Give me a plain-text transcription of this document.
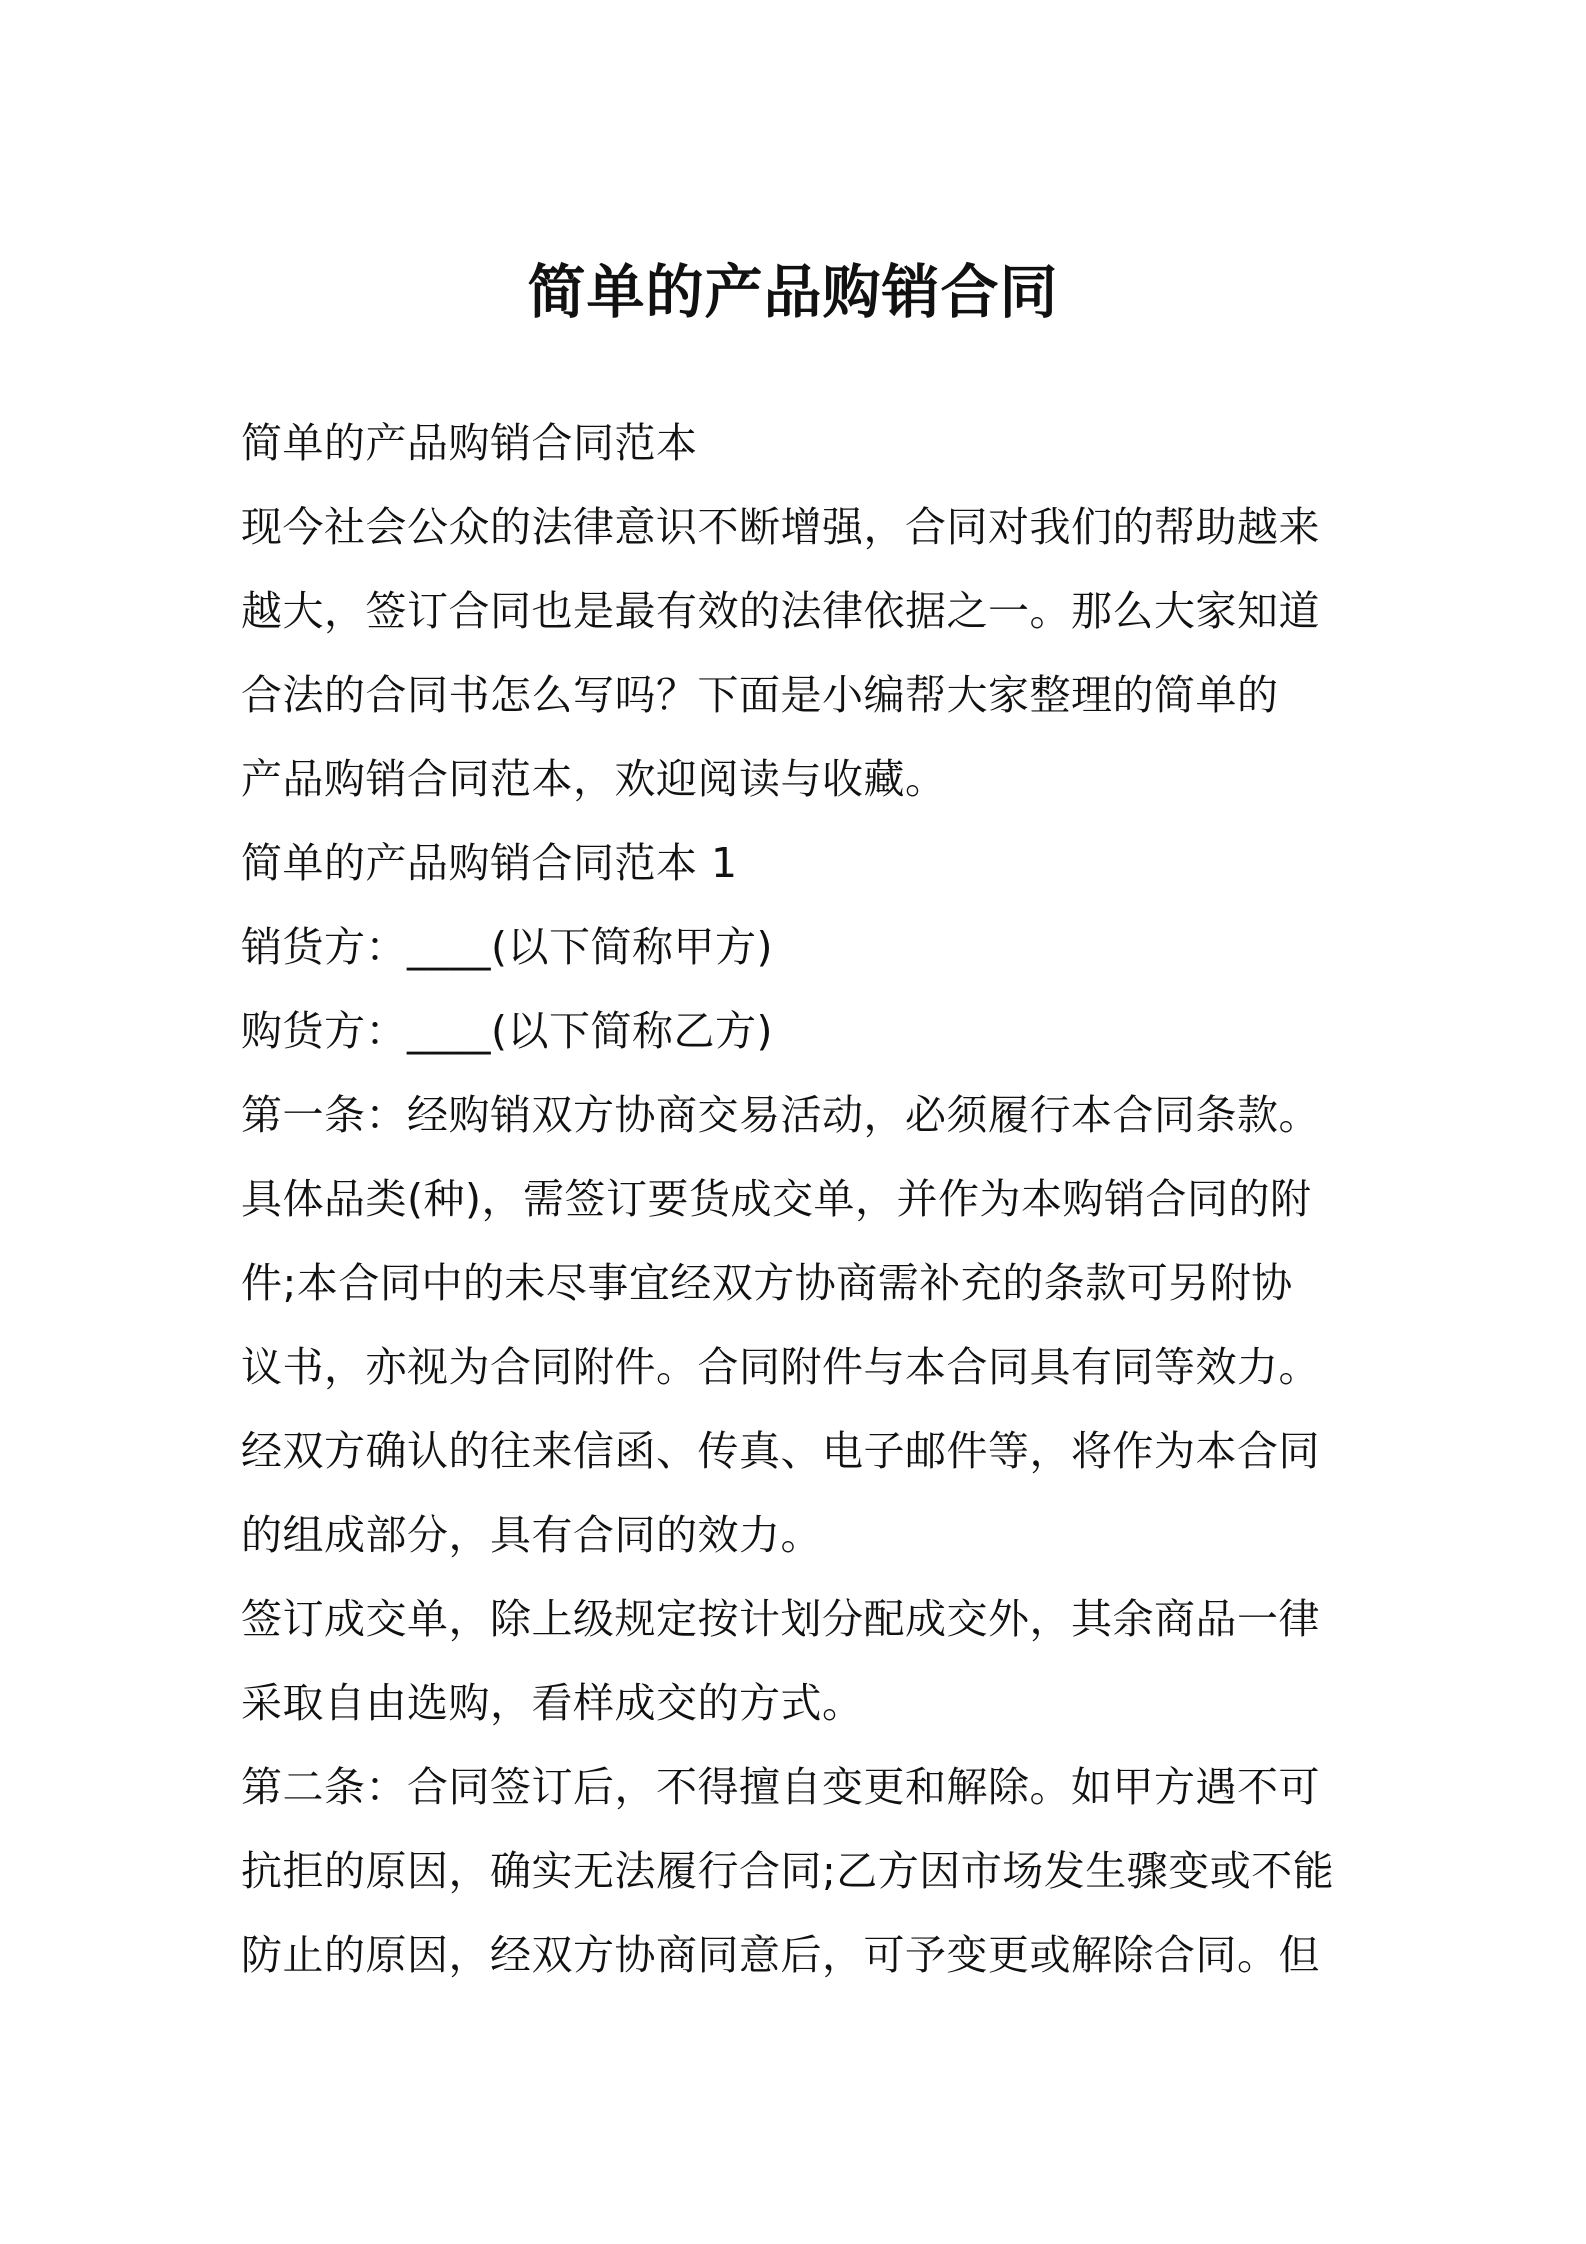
简单的产品购销合同
简单的产品购销合同范本
现今社会公众的法律意识不断增强，合同对我们的帮助越来
越大，签订合同也是最有效的法律依据之一。那么大家知道
合法的合同书怎么写吗？下面是小编帮大家整理的简单的
产品购销合同范本，欢迎阅读与收藏。
简单的产品购销合同范本 1
销货方：____(以下简称甲方)
购货方：____(以下简称乙方)
第一条：经购销双方协商交易活动，必须履行本合同条款。
具体品类(种)，需签订要货成交单，并作为本购销合同的附
件;本合同中的未尽事宜经双方协商需补充的条款可另附协
议书，亦视为合同附件。合同附件与本合同具有同等效力。
经双方确认的往来信函、传真、电子邮件等，将作为本合同
的组成部分，具有合同的效力。
签订成交单，除上级规定按计划分配成交外，其余商品一律
采取自由选购，看样成交的方式。
第二条：合同签订后，不得擅自变更和解除。如甲方遇不可
抗拒的原因，确实无法履行合同;乙方因市场发生骤变或不能
防止的原因，经双方协商同意后，可予变更或解除合同。但
